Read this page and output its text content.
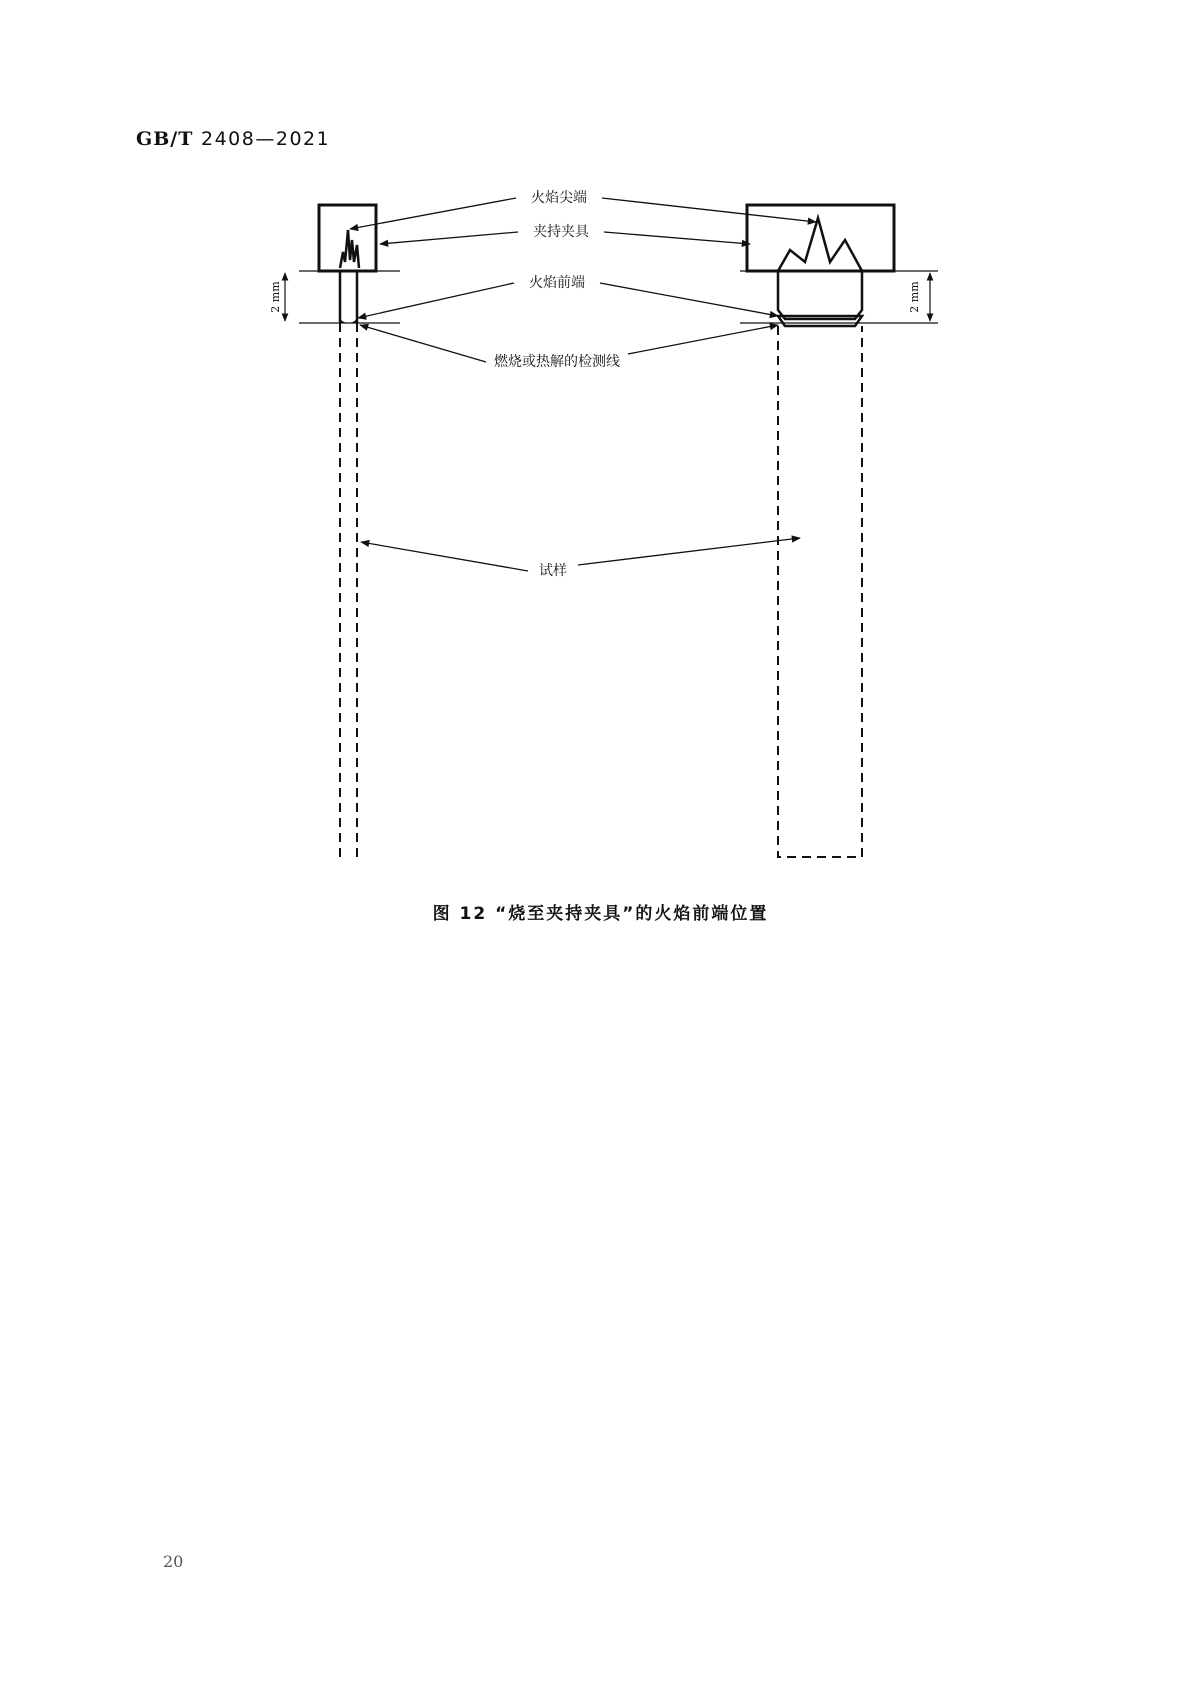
GB/T 2408—2021
2 mm	2 mm
火焰尖端
夹持夹具
火焰前端
燃烧或热解的检测线
试样
图 12 “烧至夹持夹具”的火焰前端位置
20
